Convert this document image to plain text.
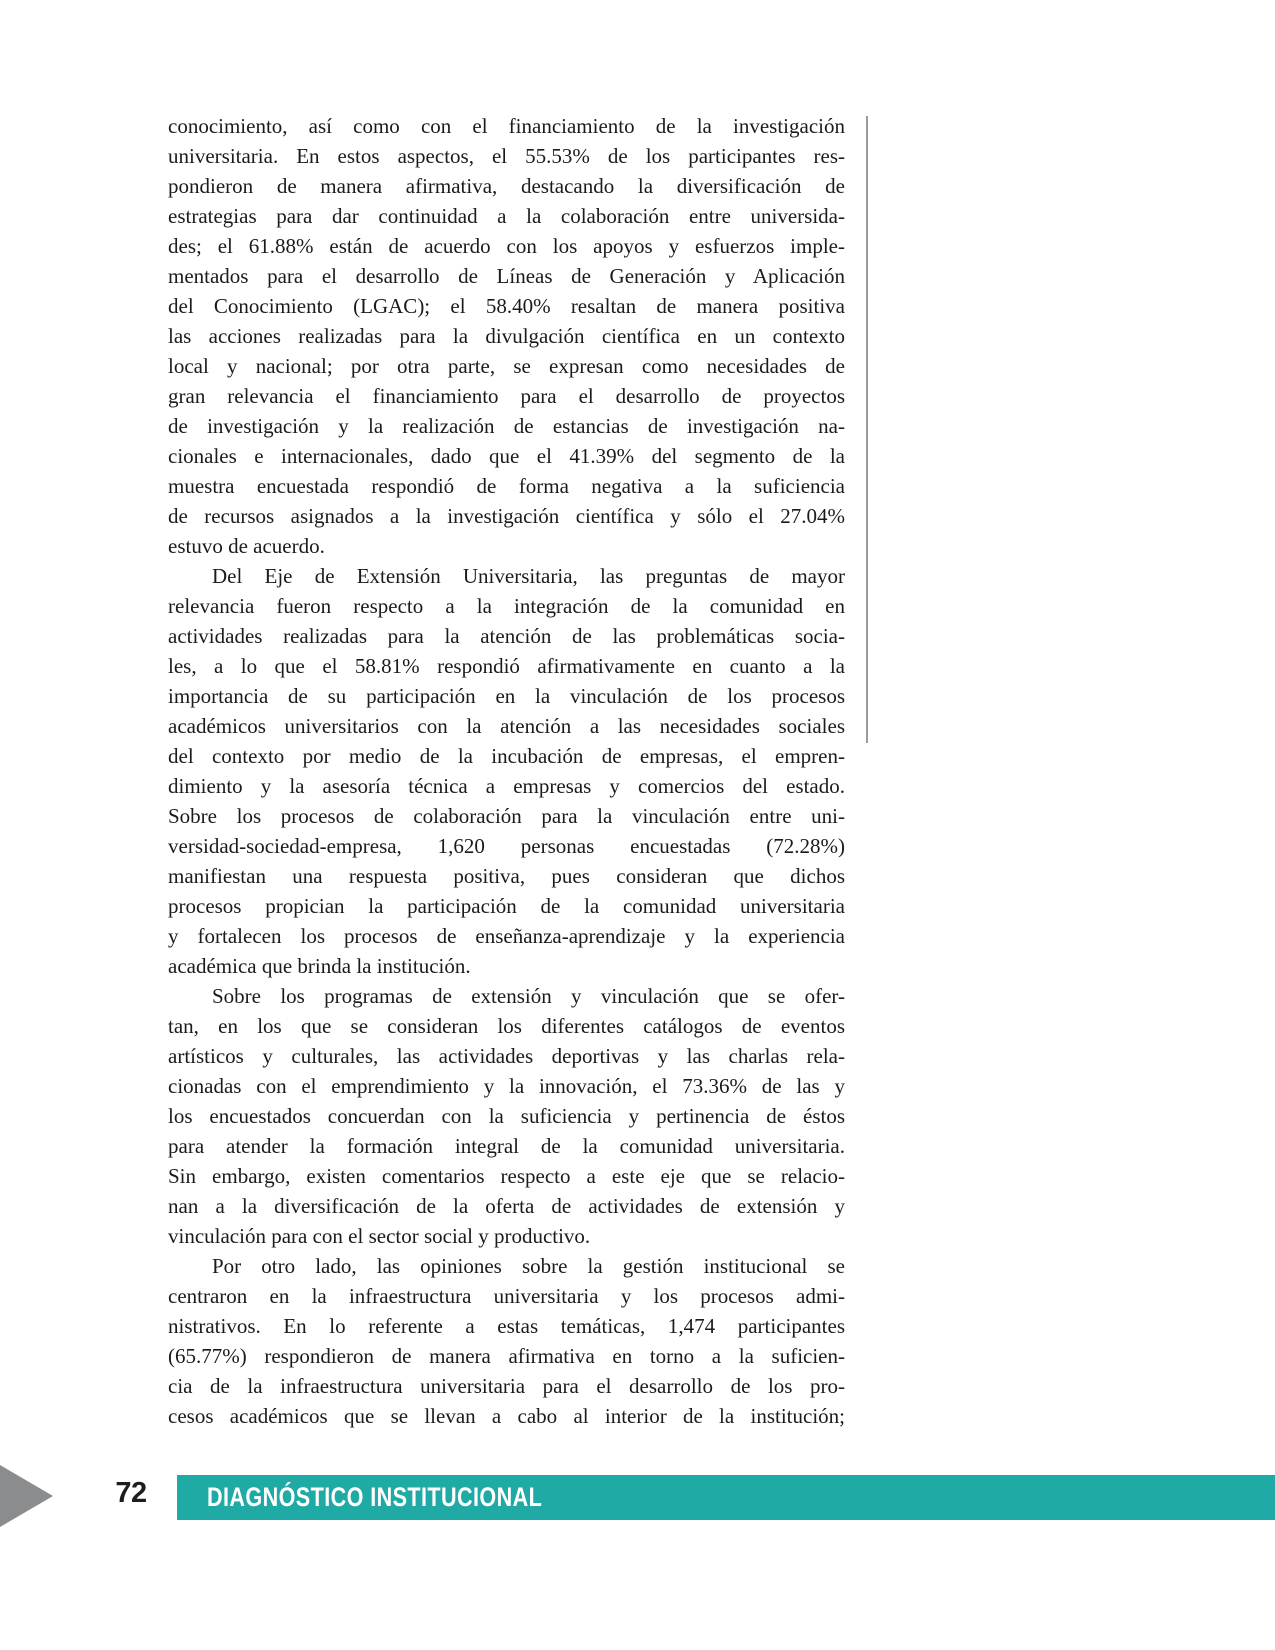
conocimiento, así como con el financiamiento de la investigación
universitaria. En estos aspectos, el 55.53% de los participantes res-
pondieron de manera afirmativa, destacando la diversificación de
estrategias para dar continuidad a la colaboración entre universida-
des; el 61.88% están de acuerdo con los apoyos y esfuerzos imple-
mentados para el desarrollo de Líneas de Generación y Aplicación
del Conocimiento (LGAC); el 58.40% resaltan de manera positiva
las acciones realizadas para la divulgación científica en un contexto
local y nacional; por otra parte, se expresan como necesidades de
gran relevancia el financiamiento para el desarrollo de proyectos
de investigación y la realización de estancias de investigación na-
cionales e internacionales, dado que el 41.39% del segmento de la
muestra encuestada respondió de forma negativa a la suficiencia
de recursos asignados a la investigación científica y sólo el 27.04%
estuvo de acuerdo.
Del Eje de Extensión Universitaria, las preguntas de mayor
relevancia fueron respecto a la integración de la comunidad en
actividades realizadas para la atención de las problemáticas socia-
les, a lo que el 58.81% respondió afirmativamente en cuanto a la
importancia de su participación en la vinculación de los procesos
académicos universitarios con la atención a las necesidades sociales
del contexto por medio de la incubación de empresas, el empren-
dimiento y la asesoría técnica a empresas y comercios del estado.
Sobre los procesos de colaboración para la vinculación entre uni-
versidad-sociedad-empresa, 1,620 personas encuestadas (72.28%)
manifiestan una respuesta positiva, pues consideran que dichos
procesos propician la participación de la comunidad universitaria
y fortalecen los procesos de enseñanza-aprendizaje y la experiencia
académica que brinda la institución.
Sobre los programas de extensión y vinculación que se ofer-
tan, en los que se consideran los diferentes catálogos de eventos
artísticos y culturales, las actividades deportivas y las charlas rela-
cionadas con el emprendimiento y la innovación, el 73.36% de las y
los encuestados concuerdan con la suficiencia y pertinencia de éstos
para atender la formación integral de la comunidad universitaria.
Sin embargo, existen comentarios respecto a este eje que se relacio-
nan a la diversificación de la oferta de actividades de extensión y
vinculación para con el sector social y productivo.
Por otro lado, las opiniones sobre la gestión institucional se
centraron en la infraestructura universitaria y los procesos admi-
nistrativos. En lo referente a estas temáticas, 1,474 participantes
(65.77%) respondieron de manera afirmativa en torno a la suficien-
cia de la infraestructura universitaria para el desarrollo de los pro-
cesos académicos que se llevan a cabo al interior de la institución;
72 DIAGNÓSTICO INSTITUCIONAL
